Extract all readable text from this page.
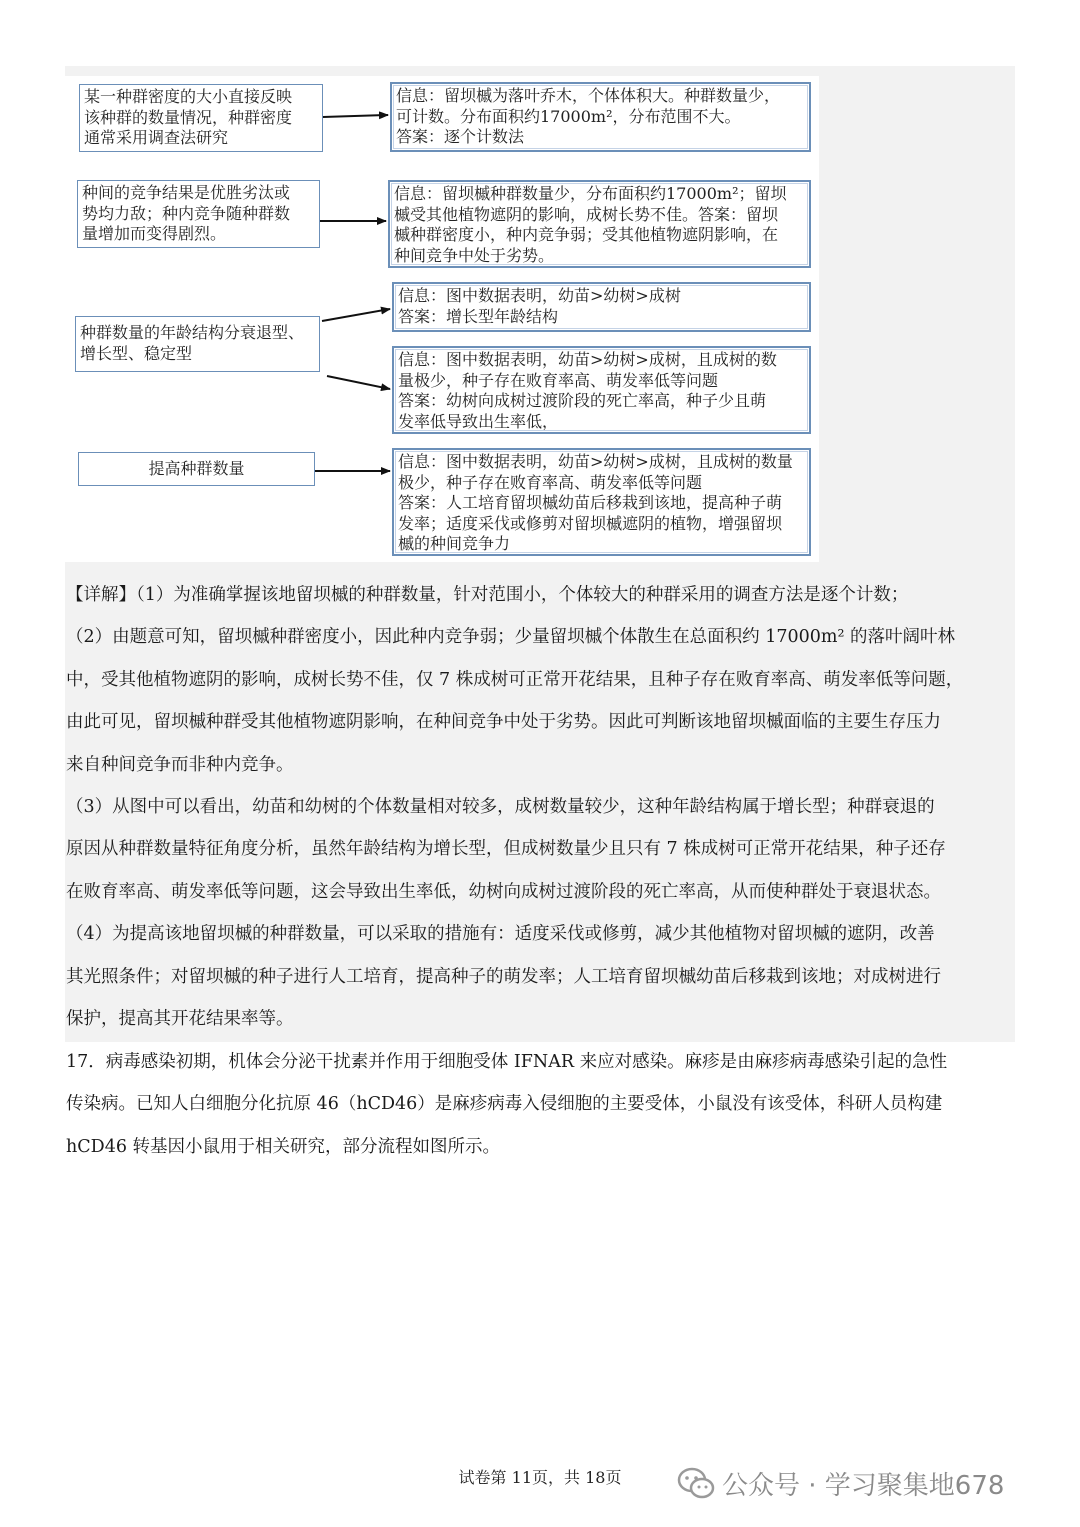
某一种群密度的大小直接反映
该种群的数量情况，种群密度
通常采用调查法研究
种间的竞争结果是优胜劣汰或
势均力敌；种内竞争随种群数
量增加而变得剧烈。
种群数量的年龄结构分衰退型、
增长型、稳定型
提高种群数量
信息：留坝槭为落叶乔木，个体体积大。种群数量少，
可计数。分布面积约17000m²，分布范围不大。
答案：逐个计数法
信息：留坝槭种群数量少，分布面积约17000m²；留坝
槭受其他植物遮阴的影响，成树长势不佳。答案：留坝
槭种群密度小，种内竞争弱；受其他植物遮阴影响，在
种间竞争中处于劣势。
信息：图中数据表明，幼苗>幼树>成树
答案：增长型年龄结构
信息：图中数据表明，幼苗>幼树>成树，且成树的数
量极少，种子存在败育率高、萌发率低等问题
答案：幼树向成树过渡阶段的死亡率高，种子少且萌
发率低导致出生率低，
信息：图中数据表明，幼苗>幼树>成树，且成树的数量
极少，种子存在败育率高、萌发率低等问题
答案：人工培育留坝槭幼苗后移栽到该地，提高种子萌
发率；适度采伐或修剪对留坝槭遮阴的植物，增强留坝
槭的种间竞争力
【详解】（1）为准确掌握该地留坝槭的种群数量，针对范围小，个体较大的种群采用的调查方法是逐个计数；
（2）由题意可知，留坝槭种群密度小，因此种内竞争弱；少量留坝槭个体散生在总面积约 17000m² 的落叶阔叶林
中，受其他植物遮阴的影响，成树长势不佳，仅 7 株成树可正常开花结果，且种子存在败育率高、萌发率低等问题，
由此可见，留坝槭种群受其他植物遮阴影响，在种间竞争中处于劣势。因此可判断该地留坝槭面临的主要生存压力
来自种间竞争而非种内竞争。
（3）从图中可以看出，幼苗和幼树的个体数量相对较多，成树数量较少，这种年龄结构属于增长型；种群衰退的
原因从种群数量特征角度分析，虽然年龄结构为增长型，但成树数量少且只有 7 株成树可正常开花结果，种子还存
在败育率高、萌发率低等问题，这会导致出生率低，幼树向成树过渡阶段的死亡率高，从而使种群处于衰退状态。
（4）为提高该地留坝槭的种群数量，可以采取的措施有：适度采伐或修剪，减少其他植物对留坝槭的遮阴，改善
其光照条件；对留坝槭的种子进行人工培育，提高种子的萌发率；人工培育留坝槭幼苗后移栽到该地；对成树进行
保护，提高其开花结果率等。
17．病毒感染初期，机体会分泌干扰素并作用于细胞受体 IFNAR 来应对感染。麻疹是由麻疹病毒感染引起的急性
传染病。已知人白细胞分化抗原 46（hCD46）是麻疹病毒入侵细胞的主要受体，小鼠没有该受体，科研人员构建
hCD46 转基因小鼠用于相关研究，部分流程如图所示。
试卷第 11页，共 18页	公众号 · 学习聚集地678
